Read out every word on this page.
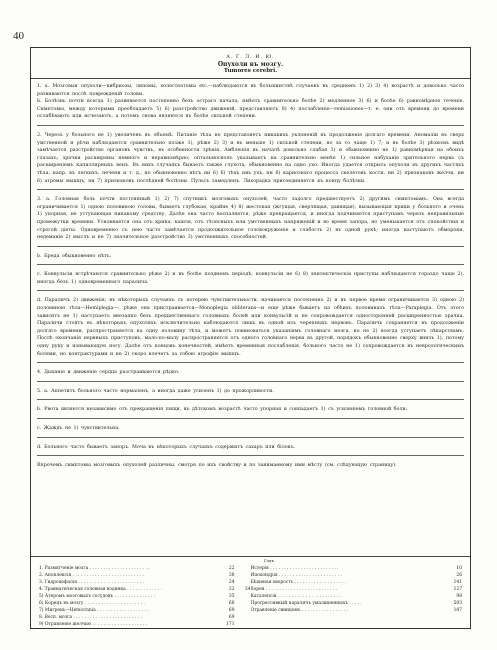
40
А. Г. Л. И. Ю.
Опухоли въ мозгу.
Tumores cerebri.

1. а. Мозговыя опухоли—кибриозы, липомы, холестеатомы etc.—наблюдаются въ большинствѣ случаевъ въ среднемъ 1) 2) 3) 4) возрастѣ и довольно часто развиваются послѣ поврежденій головы.

b. Болѣзнь почти всегда 1) развивается постепенно безъ остраго начала, имѣетъ сравнительно болѣе 2) медленное 3) 6) и болѣе 6) равномѣрное теченіе. Симптомы, между которыми преобладаетъ 5) 6) разстройство движеній, представляютъ 8) 4) послабленіе—remissiones—т. е. они отъ времени до времени ослабѣваютъ или исчезаютъ, а потомъ снова являются въ болѣе сильной степени.

2. Черезъ у больного не 1) увеличенъ въ объемѣ. Питаніе тѣла не представляетъ никакихъ уклоненій въ продолженіе долгаго времени. Аномаліи въ сверх умственной и рѣчи наблюдаются сравнительно позже 1), рѣже 2) 3) и въ меньше 1) сильной степени, но за то чаще 1) 7; и въ болѣе 3) рѣзкомъ видѣ замѣчается разстройство органовъ чувствъ, въ особенности зрѣнія. Амблюпія въ началѣ довольно слабая 1) и обыкновенно не 1) равномѣрная на обоихъ глазахъ; зрачки расширены немного и неравномѣрно; оптальмоскопъ указываетъ на сравнительно менѣе 1) сильное набуханіе зрительного нерва съ расширеніемъ капиллярныхъ венъ. Въ нихъ случаяхъ бываетъ также глухота, обыкновенно на одно ухо. Иногда удается открыть опухоли въ другихъ частяхъ тѣла, напр. въ легкихъ, печени и т. д., но обыкновенно нѣтъ ни 6) 6) тѣхъ ниь ухъ, ни 6) кариознаго процесса скелетовъ кости, ни 2) признаковъ желчи, ни 6) атромы мышцъ, ни 7) признаковъ послѣдней болѣзни. Пульсъ замедленъ. Лихорадка присоединяется къ концу болѣзни.

3. а. Головная боль почти постоянный 1) 2) 7) спутникъ мозговыхъ опухолей, часто задолго предшествуетъ 2) другимъ симптомамъ. Она всегда ограничивается 1) одною половиною головы, бываетъ глубокая, крайне 4) 8) жестокая (жгущая, сверлящая, давящая), вызывающая крики у больного и очень 1) упорная, не уступающая никакому средству. Далѣе она часто воспаляется, рѣже прекращается, и иногда подчиняется приступамъ черезъ неправильные промежутки времени. Усиливается она отъ крика, кашля, отъ тѣлесныхъ или умственныхъ напряженій и во время запора, но уменьшается отъ спокойствія и строгой діеты. Одновременно съ нею часто замѣчается продолжительное головокруженіе и слабость 2) въ одной рукѣ; иногда наступаютъ обмороки, недеманіе 2) мыслъ и не 7) значительное разстройство 3) умственныхъ способностей.

b. Бреда обыкновенно нѣтъ.

c. Конвульсіи встрѣчаются сравнительно рѣже 2) и въ болѣе позднемъ періодѣ; конвульсіи не 6) 8) эпилептическія приступы наблюдаются гораздо чаще 2), иногда безъ 1) одновременнаго паралича.

d. Параличъ 2) движенія, въ нѣкоторыхъ случаяхъ съ потерею чувствительности, начинается постепенно 2) и въ первое время ограничивается 3) одною 2) половиною тѣла—Hemiplegia—; рѣже она пристраивается—Monoplegia obliterans—и еще рѣже бываетъ на обѣихъ половинахъ тѣла—Paraplegia. Отъ этого зависитъ не 1) наступаетъ внезапно безъ предшественнаго головныхъ болей или конвульсій и не сопровождается односторонней расширенностью зрачка. Параличи стоятъ въ нѣкоторыхъ опухоляхъ исключительно наблюдаются лишь въ одной изъ черепныхъ нервовъ. Параличъ сохраняется въ продолженіи долгаго времени, распространяется на одну половину тѣла, и можетъ повиноваться указаніямъ головнаго мозга, но не 2) всегда уступаетъ лѣкарствамъ. Послѣ окончанія нервныхъ приступовъ, мало-по-малу распространяется отъ одного головнаго нерва въ другой, порядокъ обыкновенно сверху внизъ 1), потому одну руку и изнывающую ногу. Далѣе отъ концовъ конечностей, имѣетъ временныя послабленія, больного часто не 1) сопровождается въ неврологическимъ болями, но контрактурами и не 2) скоро влечетъ за собою атрофію мышцъ.

4. Дыханіе и движеніе сердца разстраиваются рѣдко.

5. а. Аппетитъ больного часто нормаленъ, а иногда даже усиленъ 1) до прожорливости.

b. Рвота является независимо отъ прекращенія пищи, въ дѣтскомъ возрастѣ часто упорная и совпадаетъ 1) съ усиленіемъ головной боли.

c. Жаждъ не 1) чувствительна.

d. Больного часто бываетъ запоръ. Моча въ нѣкоторыхъ случаяхъ содержитъ сахаръ или білокъ.

Впрочемъ симптомы мозговыхъ опухолей различны, смотря по ихъ свойству и по занимаемому ими мѣсту (см. слѣдующую страницу).

Годъ
1. Размягченіе мозга . . . . . . . . . . . . . . . . . . . . . .	22
2. Апоплексія . . . . . . . . . . . . . . . . . . . . . . . . . .	38
3. Гидроцефалія . . . . . . . . . . . . . . . . . . . . . . . .	24
4. Травматическая головная водянка . . . . . . . . . . . . .	22	34
5) Атеромъ мозговыхъ сосудовъ . . . . . . . . . . . . . . .	35
6) Корецъ въ мозгу . . . . . . . . . . . . . . . . . . . . . .	66
7) Мигрень—Hemicrania . . . . . . . . . . . . . . . . . . .	69
8. Восп. мозга . . . . . . . . . . . . . . . . . . . . . . . . .	69
9) Отравленіе желчью . . . . . . . . . . . . . . . . . . . .	171
Истерія . . . . . . . . . . . . . . . . . . . . . . . . .	10
Ипохондрія . . . . . . . . . . . . . . . . . . . . . . .	26
Бѣшеная хворость . . . . . . . . . . . . . . . . . . .	141
Хорея . . . . . . . . . . . . . . . . . . . . . . . . . .	127
Каталепсія . . . . . . . . . . . . . . . . . . . . . . .	98
Прогрессивный параличъ умалишенныхъ . . . . .	593
Отравленіе свинцомъ . . . . . . . . . . . . . . . . .	187
